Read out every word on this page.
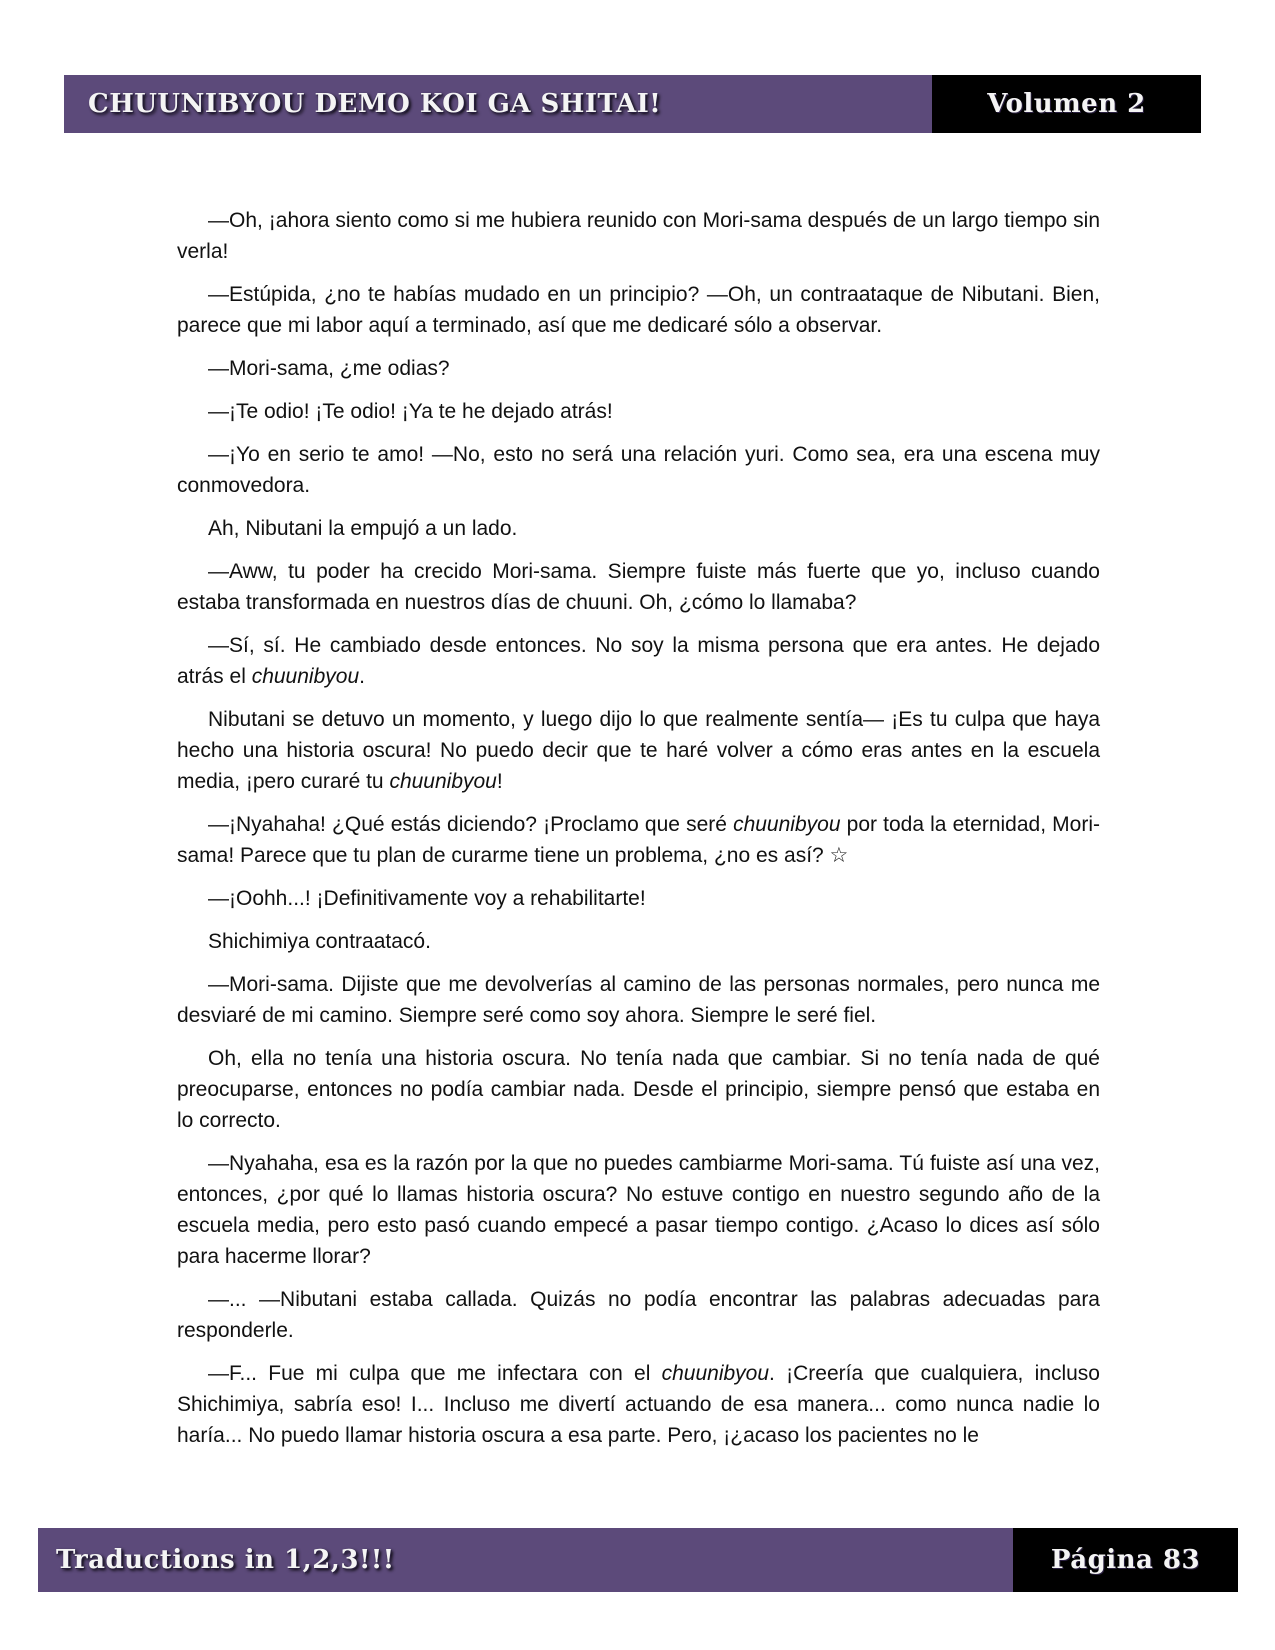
CHUUNIBYOU DEMO KOI GA SHITAI!	Volumen 2

—Oh, ¡ahora siento como si me hubiera reunido con Mori-sama después de un largo tiempo sin verla!

—Estúpida, ¿no te habías mudado en un principio? —Oh, un contraataque de Nibutani. Bien, parece que mi labor aquí a terminado, así que me dedicaré sólo a observar.

—Mori-sama, ¿me odias?

—¡Te odio! ¡Te odio! ¡Ya te he dejado atrás!

—¡Yo en serio te amo! —No, esto no será una relación yuri. Como sea, era una escena muy conmovedora.

Ah, Nibutani la empujó a un lado.

—Aww, tu poder ha crecido Mori-sama. Siempre fuiste más fuerte que yo, incluso cuando estaba transformada en nuestros días de chuuni. Oh, ¿cómo lo llamaba?

—Sí, sí. He cambiado desde entonces. No soy la misma persona que era antes. He dejado atrás el chuunibyou.

Nibutani se detuvo un momento, y luego dijo lo que realmente sentía— ¡Es tu culpa que haya hecho una historia oscura! No puedo decir que te haré volver a cómo eras antes en la escuela media, ¡pero curaré tu chuunibyou!

—¡Nyahaha! ¿Qué estás diciendo? ¡Proclamo que seré chuunibyou por toda la eternidad, Mori-sama! Parece que tu plan de curarme tiene un problema, ¿no es así? ☆

—¡Oohh...! ¡Definitivamente voy a rehabilitarte!

Shichimiya contraatacó.

—Mori-sama. Dijiste que me devolverías al camino de las personas normales, pero nunca me desviaré de mi camino. Siempre seré como soy ahora. Siempre le seré fiel.

Oh, ella no tenía una historia oscura. No tenía nada que cambiar. Si no tenía nada de qué preocuparse, entonces no podía cambiar nada. Desde el principio, siempre pensó que estaba en lo correcto.

—Nyahaha, esa es la razón por la que no puedes cambiarme Mori-sama. Tú fuiste así una vez, entonces, ¿por qué lo llamas historia oscura? No estuve contigo en nuestro segundo año de la escuela media, pero esto pasó cuando empecé a pasar tiempo contigo. ¿Acaso lo dices así sólo para hacerme llorar?

—... —Nibutani estaba callada. Quizás no podía encontrar las palabras adecuadas para responderle.

—F... Fue mi culpa que me infectara con el chuunibyou. ¡Creería que cualquiera, incluso Shichimiya, sabría eso! I... Incluso me divertí actuando de esa manera... como nunca nadie lo haría... No puedo llamar historia oscura a esa parte. Pero, ¡¿acaso los pacientes no le

Traductions in 1,2,3!!!	Página 83
